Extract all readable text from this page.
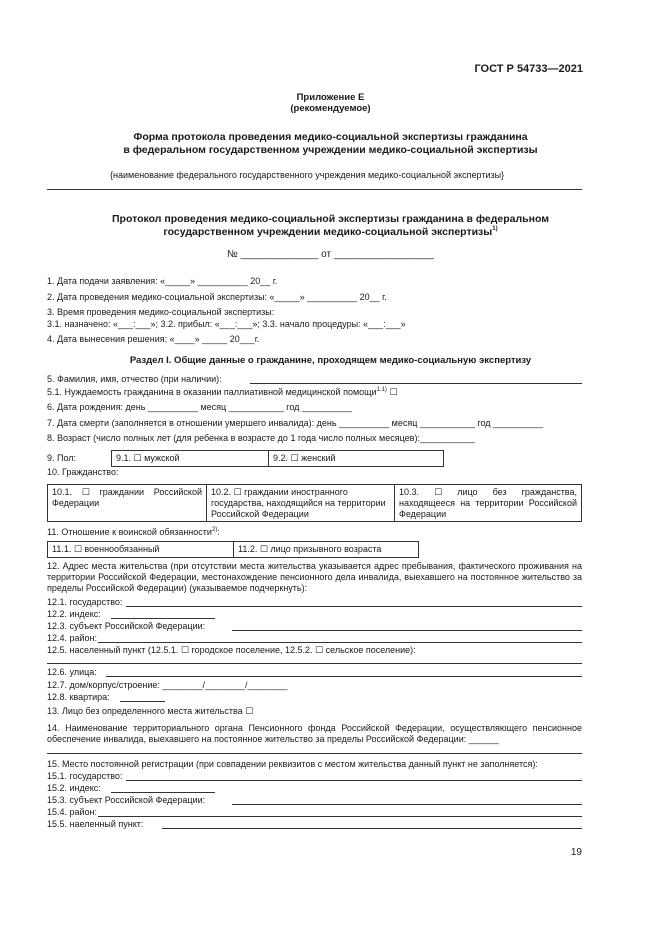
ГОСТ Р 54733—2021
Приложение Е
(рекомендуемое)
Форма протокола проведения медико-социальной экспертизы гражданина
в федеральном государственном учреждении медико-социальной экспертизы
{наименование федерального государственного учреждения медико-социальной экспертизы}
Протокол проведения медико-социальной экспертизы гражданина в федеральном
государственном учреждении медико-социальной экспертизы$^{1)}$
№ ______________ от __________________
1. Дата подачи заявления: «_____» __________ 20__ г.
2. Дата проведения медико-социальной экспертизы: «_____» __________ 20__ г.
3. Время проведения медико-социальной экспертизы:
3.1. назначено: «___:___»; 3.2. прибыл: «___:___»; 3.3. начало процедуры: «___:___»
4. Дата вынесения решения: «____» _____ 20___г.
Раздел I. Общие данные о гражданине, проходящем медико-социальную экспертизу
5. Фамилия, имя, отчество (при наличии):
5.1. Нуждаемость гражданина в оказании паллиативной медицинской помощи$^{1.1)}$ ☐
6. Дата рождения: день __________ месяц ___________ год __________
7. Дата смерти (заполняется в отношении умершего инвалида): день __________ месяц ___________ год __________
8. Возраст (число полных лет (для ребенка в возрасте до 1 года число полных месяцев):___________
9. Пол:	9.1. ☐ мужской	9.2. ☐ женский
10. Гражданство:
10.1. ☐ граждании Российской Федерации	10.2. ☐ граждании иностранного государства, находящийся на территории Российской Федерации	10.3. ☐ лицо без гражданства, находящееся на территории Российской Федерации
11. Отношение к воинской обязанности$^{2)}$:
11.1. ☐ военнообязанный	11.2. ☐ лицо призывного возраста
12. Адрес места жительства (при отсутствии места жительства указывается адрес пребывания, фактического проживания на территории Российской Федерации, местонахождение пенсионного дела инвалида, выехавшего на постоянное жительство за пределы Российской Федерации) (указываемое подчеркнуть):
12.1. государство:
12.2. индекс:
12.3. субъект Российской Федерации:
12.4. район:
12.5. населенный пункт (12.5.1. ☐ городское поселение, 12.5.2. ☐ сельское поселение):
12.6. улица:
12.7. дом/корпус/строение: ________/________/________
12.8. квартира:
13. Лицо без определенного места жительства ☐
14. Наименование территориального органа Пенсионного фонда Российской Федерации, осуществляющего пенсионное обеспечение инвалида, выехавшего на постоянное жительство за пределы Российской Федерации: ______
15. Место постоянной регистрации (при совпадении реквизитов с местом жительства данный пункт не заполняется):
15.1. государство:
15.2. индекс:
15.3. субъект Российской Федерации:
15.4. район:
15.5. наеленный пункт:
19
